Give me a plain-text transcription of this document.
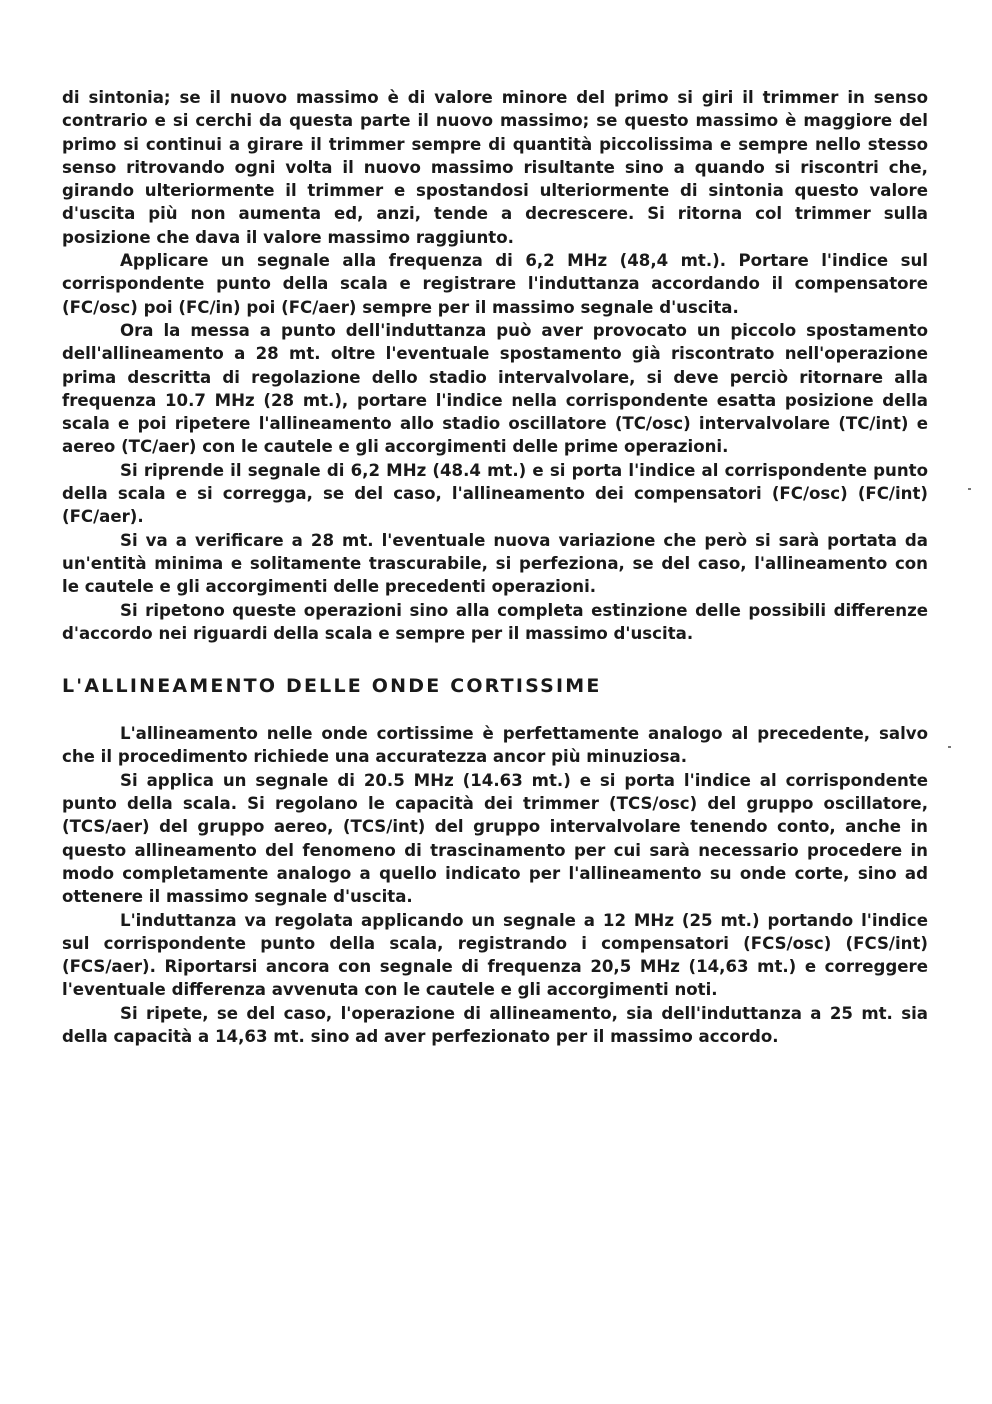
di sintonia; se il nuovo massimo è di valore minore del primo si giri il trimmer in senso contrario e si cerchi da questa parte il nuovo massimo; se questo massimo è maggiore del primo si continui a girare il trimmer sempre di quantità piccolissima e sempre nello stesso senso ritrovando ogni volta il nuovo massimo risultante sino a quando si riscontri che, girando ulteriormente il trimmer e spostandosi ulteriormente di sintonia questo valore d'uscita più non aumenta ed, anzi, tende a decrescere. Si ritorna col trimmer sulla posizione che dava il valore massimo raggiunto.

Applicare un segnale alla frequenza di 6,2 MHz (48,4 mt.). Portare l'indice sul corrispondente punto della scala e registrare l'induttanza accordando il compensatore (FC/osc) poi (FC/in) poi (FC/aer) sempre per il massimo segnale d'uscita.

Ora la messa a punto dell'induttanza può aver provocato un piccolo spostamento dell'allineamento a 28 mt. oltre l'eventuale spostamento già riscontrato nell'operazione prima descritta di regolazione dello stadio intervalvolare, si deve perciò ritornare alla frequenza 10.7 MHz (28 mt.), portare l'indice nella corrispondente esatta posizione della scala e poi ripetere l'allineamento allo stadio oscillatore (TC/osc) intervalvolare (TC/int) e aereo (TC/aer) con le cautele e gli accorgimenti delle prime operazioni.

Si riprende il segnale di 6,2 MHz (48.4 mt.) e si porta l'indice al corrispondente punto della scala e si corregga, se del caso, l'allineamento dei compensatori (FC/osc) (FC/int) (FC/aer).

Si va a verificare a 28 mt. l'eventuale nuova variazione che però si sarà portata da un'entità minima e solitamente trascurabile, si perfeziona, se del caso, l'allineamento con le cautele e gli accorgimenti delle precedenti operazioni.

Si ripetono queste operazioni sino alla completa estinzione delle possibili differenze d'accordo nei riguardi della scala e sempre per il massimo d'uscita.

L'ALLINEAMENTO DELLE ONDE CORTISSIME

L'allineamento nelle onde cortissime è perfettamente analogo al precedente, salvo che il procedimento richiede una accuratezza ancor più minuziosa.

Si applica un segnale di 20.5 MHz (14.63 mt.) e si porta l'indice al corrispondente punto della scala. Si regolano le capacità dei trimmer (TCS/osc) del gruppo oscillatore, (TCS/aer) del gruppo aereo, (TCS/int) del gruppo intervalvolare tenendo conto, anche in questo allineamento del fenomeno di trascinamento per cui sarà necessario procedere in modo completamente analogo a quello indicato per l'allineamento su onde corte, sino ad ottenere il massimo segnale d'uscita.

L'induttanza va regolata applicando un segnale a 12 MHz (25 mt.) portando l'indice sul corrispondente punto della scala, registrando i compensatori (FCS/osc) (FCS/int) (FCS/aer). Riportarsi ancora con segnale di frequenza 20,5 MHz (14,63 mt.) e correggere l'eventuale differenza avvenuta con le cautele e gli accorgimenti noti.

Si ripete, se del caso, l'operazione di allineamento, sia dell'induttanza a 25 mt. sia della capacità a 14,63 mt. sino ad aver perfezionato per il massimo accordo.
